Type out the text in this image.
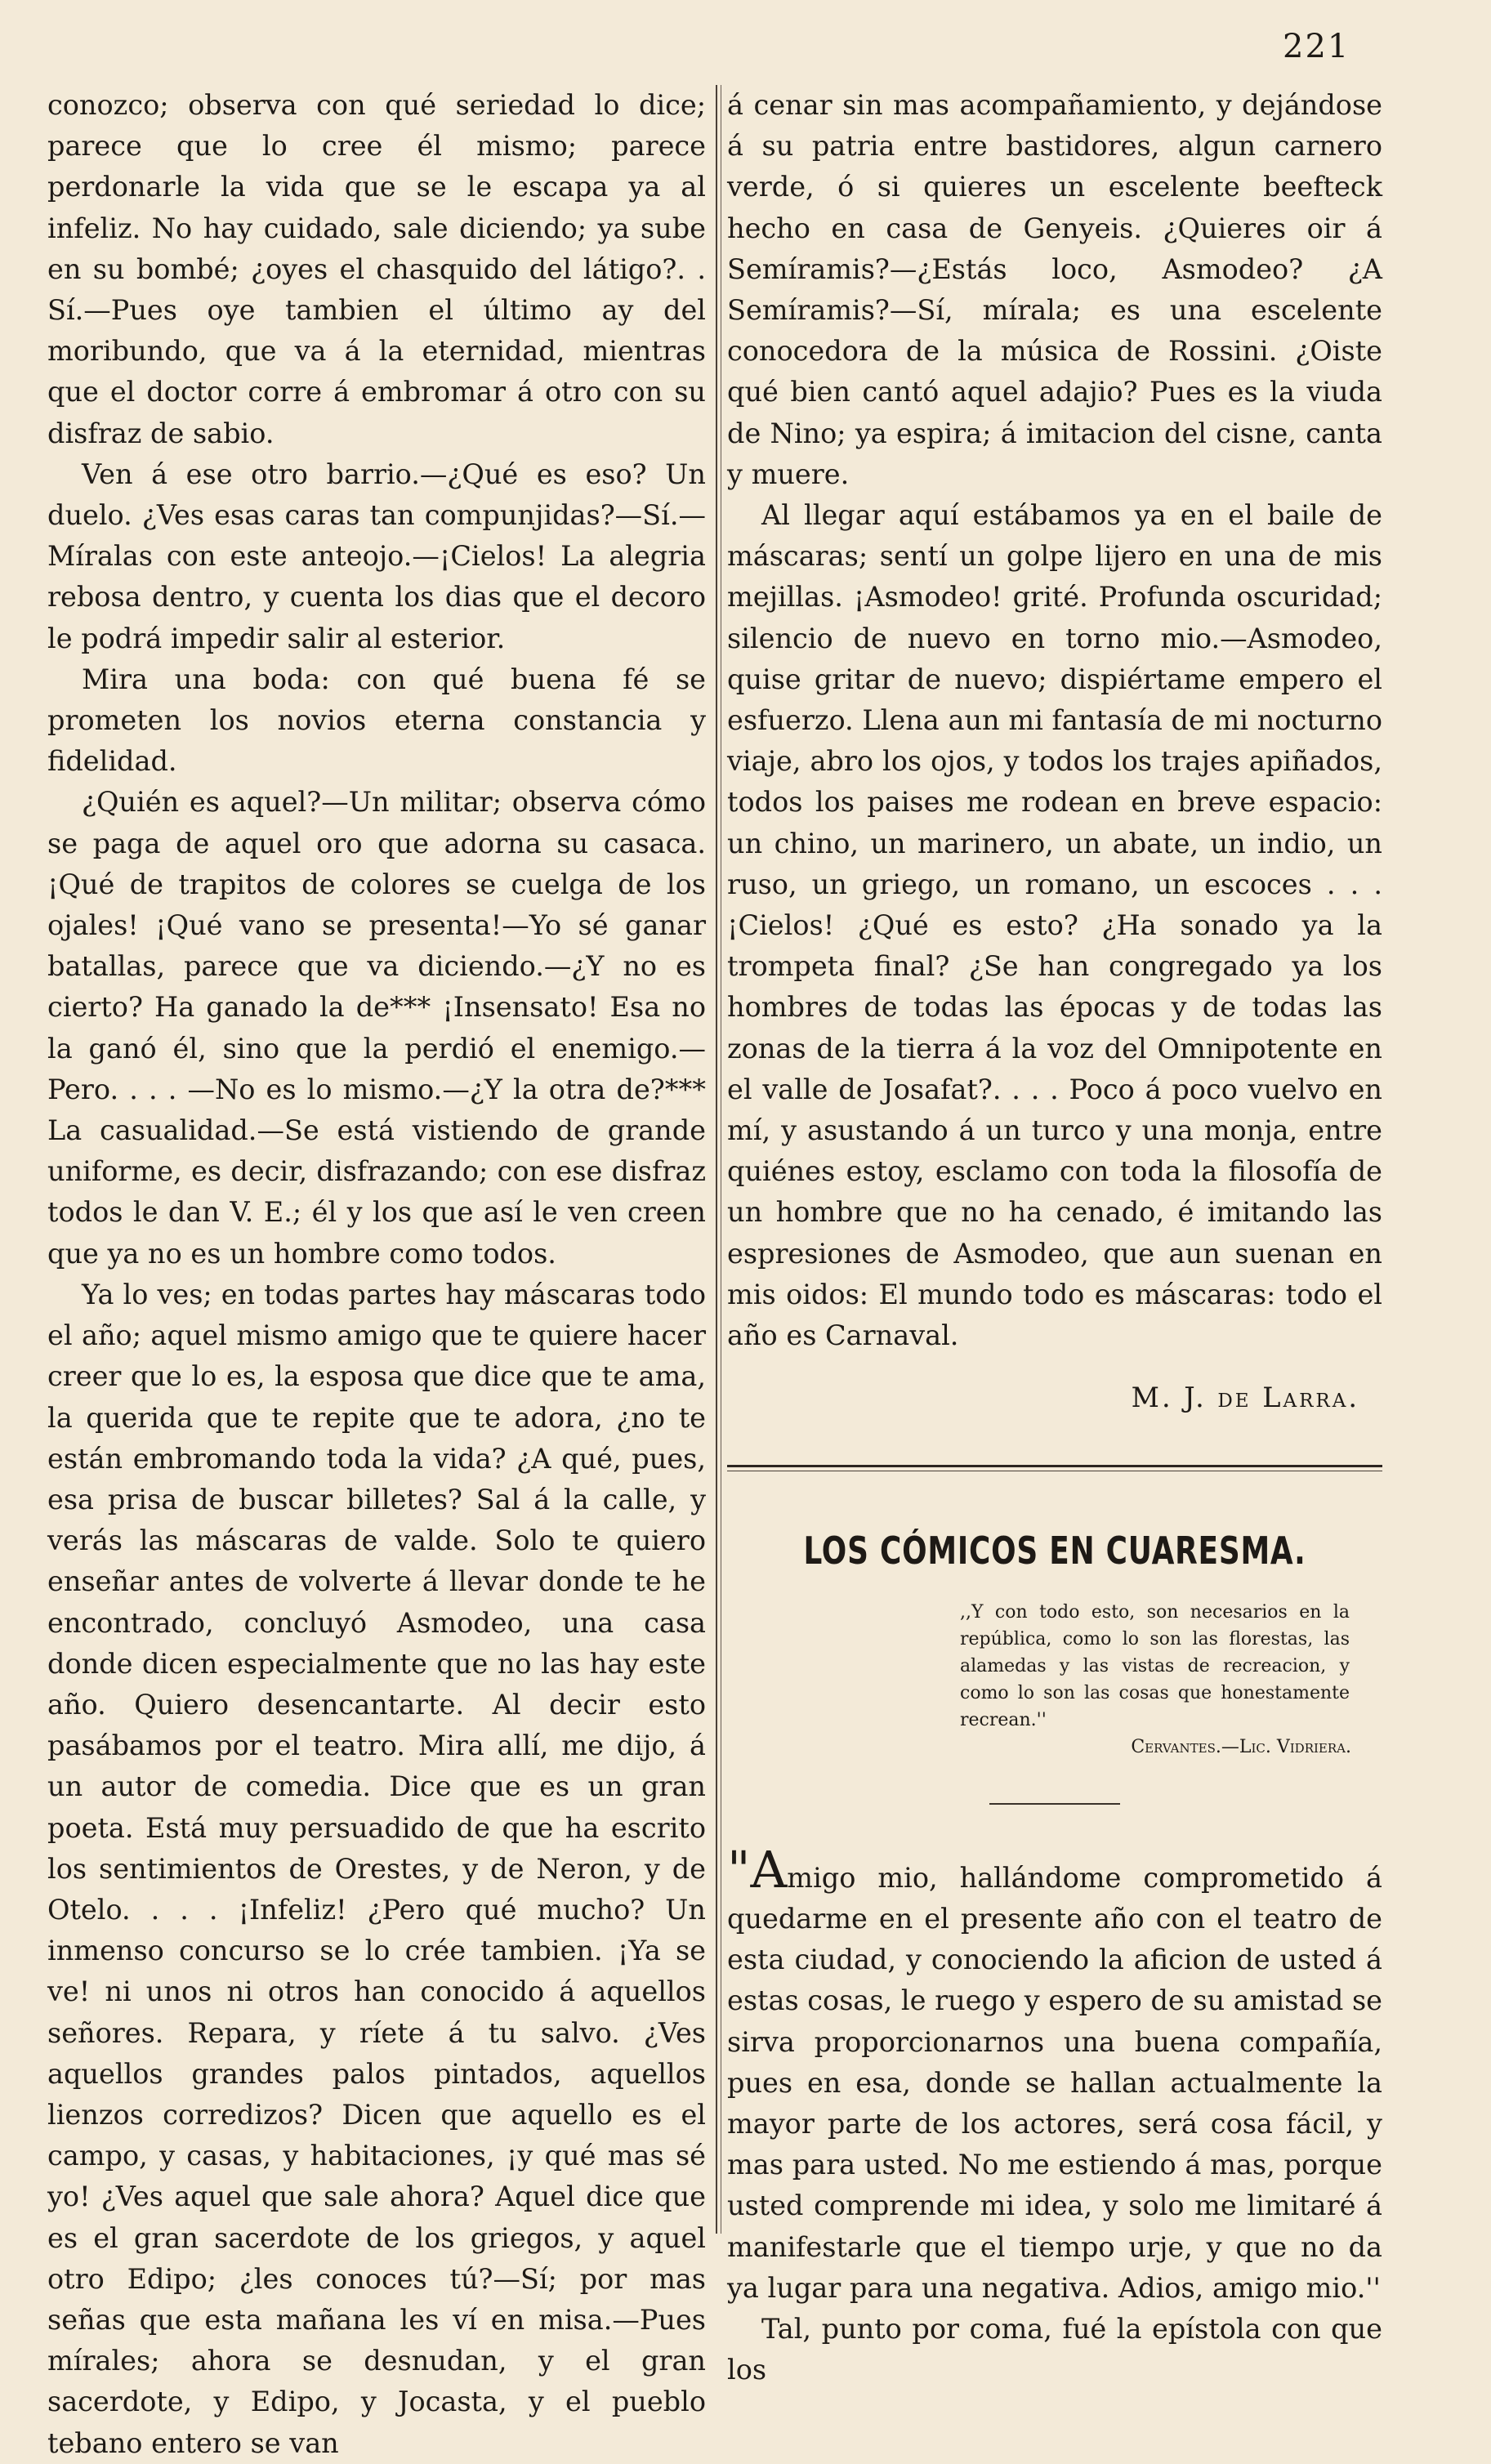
221

conozco; observa con qué seriedad lo dice; parece que lo cree él mismo; parece perdonarle la vida que se le escapa ya al infeliz. No hay cuidado, sale diciendo; ya sube en su bombé; ¿oyes el chasquido del látigo?. . Sí.—Pues oye tambien el último ay del moribundo, que va á la eternidad, mientras que el doctor corre á embromar á otro con su disfraz de sabio.

Ven á ese otro barrio.—¿Qué es eso? Un duelo. ¿Ves esas caras tan compunjidas?—Sí.—Míralas con este anteojo.—¡Cielos! La alegria rebosa dentro, y cuenta los dias que el decoro le podrá impedir salir al esterior.

Mira una boda: con qué buena fé se prometen los novios eterna constancia y fidelidad.

¿Quién es aquel?—Un militar; observa cómo se paga de aquel oro que adorna su casaca. ¡Qué de trapitos de colores se cuelga de los ojales! ¡Qué vano se presenta!—Yo sé ganar batallas, parece que va diciendo.—¿Y no es cierto? Ha ganado la de*** ¡Insensato! Esa no la ganó él, sino que la perdió el enemigo.—Pero. . . . —No es lo mismo.—¿Y la otra de?*** La casualidad.—Se está vistiendo de grande uniforme, es decir, disfrazando; con ese disfraz todos le dan V. E.; él y los que así le ven creen que ya no es un hombre como todos.

Ya lo ves; en todas partes hay máscaras todo el año; aquel mismo amigo que te quiere hacer creer que lo es, la esposa que dice que te ama, la querida que te repite que te adora, ¿no te están embromando toda la vida? ¿A qué, pues, esa prisa de buscar billetes? Sal á la calle, y verás las máscaras de valde. Solo te quiero enseñar antes de volverte á llevar donde te he encontrado, concluyó Asmodeo, una casa donde dicen especialmente que no las hay este año. Quiero desencantarte. Al decir esto pasábamos por el teatro. Mira allí, me dijo, á un autor de comedia. Dice que es un gran poeta. Está muy persuadido de que ha escrito los sentimientos de Orestes, y de Neron, y de Otelo. . . . ¡Infeliz! ¿Pero qué mucho? Un inmenso concurso se lo crée tambien. ¡Ya se ve! ni unos ni otros han conocido á aquellos señores. Repara, y ríete á tu salvo. ¿Ves aquellos grandes palos pintados, aquellos lienzos corredizos? Dicen que aquello es el campo, y casas, y habitaciones, ¡y qué mas sé yo! ¿Ves aquel que sale ahora? Aquel dice que es el gran sacerdote de los griegos, y aquel otro Edipo; ¿les conoces tú?—Sí; por mas señas que esta mañana les ví en misa.—Pues mírales; ahora se desnudan, y el gran sacerdote, y Edipo, y Jocasta, y el pueblo tebano entero se van

á cenar sin mas acompañamiento, y dejándose á su patria entre bastidores, algun carnero verde, ó si quieres un escelente beefteck hecho en casa de Genyeis. ¿Quieres oir á Semíramis?—¿Estás loco, Asmodeo? ¿A Semíramis?—Sí, mírala; es una escelente conocedora de la música de Rossini. ¿Oiste qué bien cantó aquel adajio? Pues es la viuda de Nino; ya espira; á imitacion del cisne, canta y muere.

Al llegar aquí estábamos ya en el baile de máscaras; sentí un golpe lijero en una de mis mejillas. ¡Asmodeo! grité. Profunda oscuridad; silencio de nuevo en torno mio.—Asmodeo, quise gritar de nuevo; dispiértame empero el esfuerzo. Llena aun mi fantasía de mi nocturno viaje, abro los ojos, y todos los trajes apiñados, todos los paises me rodean en breve espacio: un chino, un marinero, un abate, un indio, un ruso, un griego, un romano, un escoces . . . ¡Cielos! ¿Qué es esto? ¿Ha sonado ya la trompeta final? ¿Se han congregado ya los hombres de todas las épocas y de todas las zonas de la tierra á la voz del Omnipotente en el valle de Josafat?. . . . Poco á poco vuelvo en mí, y asustando á un turco y una monja, entre quiénes estoy, esclamo con toda la filosofía de un hombre que no ha cenado, é imitando las espresiones de Asmodeo, que aun suenan en mis oidos: El mundo todo es máscaras: todo el año es Carnaval.

M. J. de Larra.
LOS CÓMICOS EN CUARESMA.
,,Y con todo esto, son necesarios en la república, como lo son las florestas, las alamedas y las vistas de recreacion, y como lo son las cosas que honestamente recrean.''
Cervantes.—Lic. Vidriera.

"Amigo mio, hallándome comprometido á quedarme en el presente año con el teatro de esta ciudad, y conociendo la aficion de usted á estas cosas, le ruego y espero de su amistad se sirva proporcionarnos una buena compañía, pues en esa, donde se hallan actualmente la mayor parte de los actores, será cosa fácil, y mas para usted. No me estiendo á mas, porque usted comprende mi idea, y solo me limitaré á manifestarle que el tiempo urje, y que no da ya lugar para una negativa. Adios, amigo mio.''

Tal, punto por coma, fué la epístola con que los
